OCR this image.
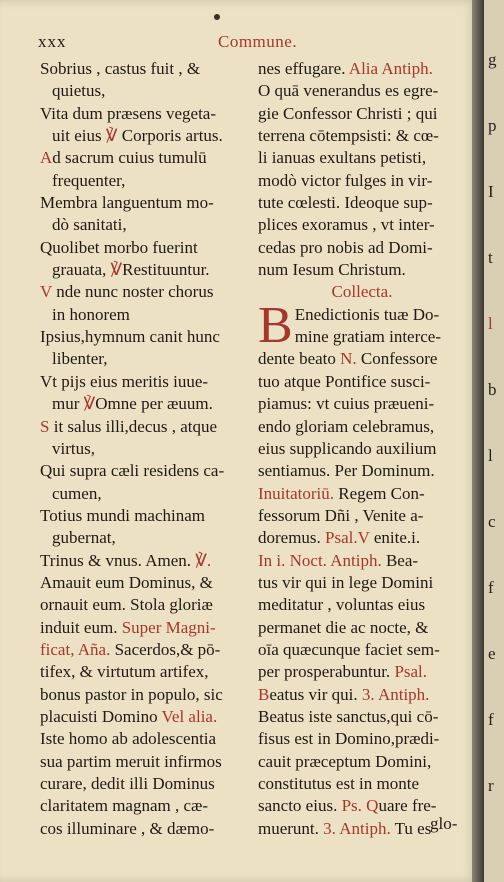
xxx	Commune.
Sobrius , castus fuit , &
quietus,
Vita dum præsens vegeta-
uit eius ℣ Corporis artus.
Ad sacrum cuius tumulū
frequenter,
Membra languentum mo-
dò sanitati,
Quolibet morbo fuerint
grauata, ℣Restituuntur.
V nde nunc noster chorus
in honorem
Ipsius,hymnum canit hunc
libenter,
Vt pijs eius meritis iuue-
mur ℣Omne per æuum.
S it salus illi,decus , atque
virtus,
Qui supra cæli residens ca-
cumen,
Totius mundi machinam
gubernat,
Trinus & vnus. Amen. ℣.
Amauit eum Dominus, &
ornauit eum. Stola gloriæ
induit eum. Super Magni-
ficat, Aña. Sacerdos,& pō-
tifex, & virtutum artifex,
bonus pastor in populo, sic
placuisti Domino Vel alia.
Iste homo ab adolescentia
sua partim meruit infirmos
curare, dedit illi Dominus
claritatem magnam , cæ-
cos illuminare , & dæmo-
nes effugare. Alia Antiph.
O quā venerandus es egre-
gie Confessor Christi ; qui
terrena cōtempsisti: & cœ-
li ianuas exultans petisti,
modò victor fulges in vir-
tute cœlesti. Ideoque sup-
plices exoramus , vt inter-
cedas pro nobis ad Domi-
num Iesum Christum.
Collecta.
B Enedictionis tuæ Do-
mine gratiam interce-
dente beato N. Confessore
tuo atque Pontifice susci-
piamus: vt cuius præueni-
endo gloriam celebramus,
eius supplicando auxilium
sentiamus. Per Dominum.
Inuitatoriū. Regem Con-
fessorum Dñi , Venite a-
doremus. Psal.V enite.i.
In i. Noct. Antiph. Bea-
tus vir qui in lege Domini
meditatur , voluntas eius
permanet die ac nocte, &
oīa quæcunque faciet sem-
per prosperabuntur. Psal.
Beatus vir qui. 3. Antiph.
Beatus iste sanctus,qui cō-
fisus est in Domino,prædi-
cauit præceptum Domini,
constitutus est in monte
sancto eius. Ps. Quare fre-
muerunt. 3. Antiph. Tu es
glo-
g
p
I
t
l
b
l
c
f
e
f
r
